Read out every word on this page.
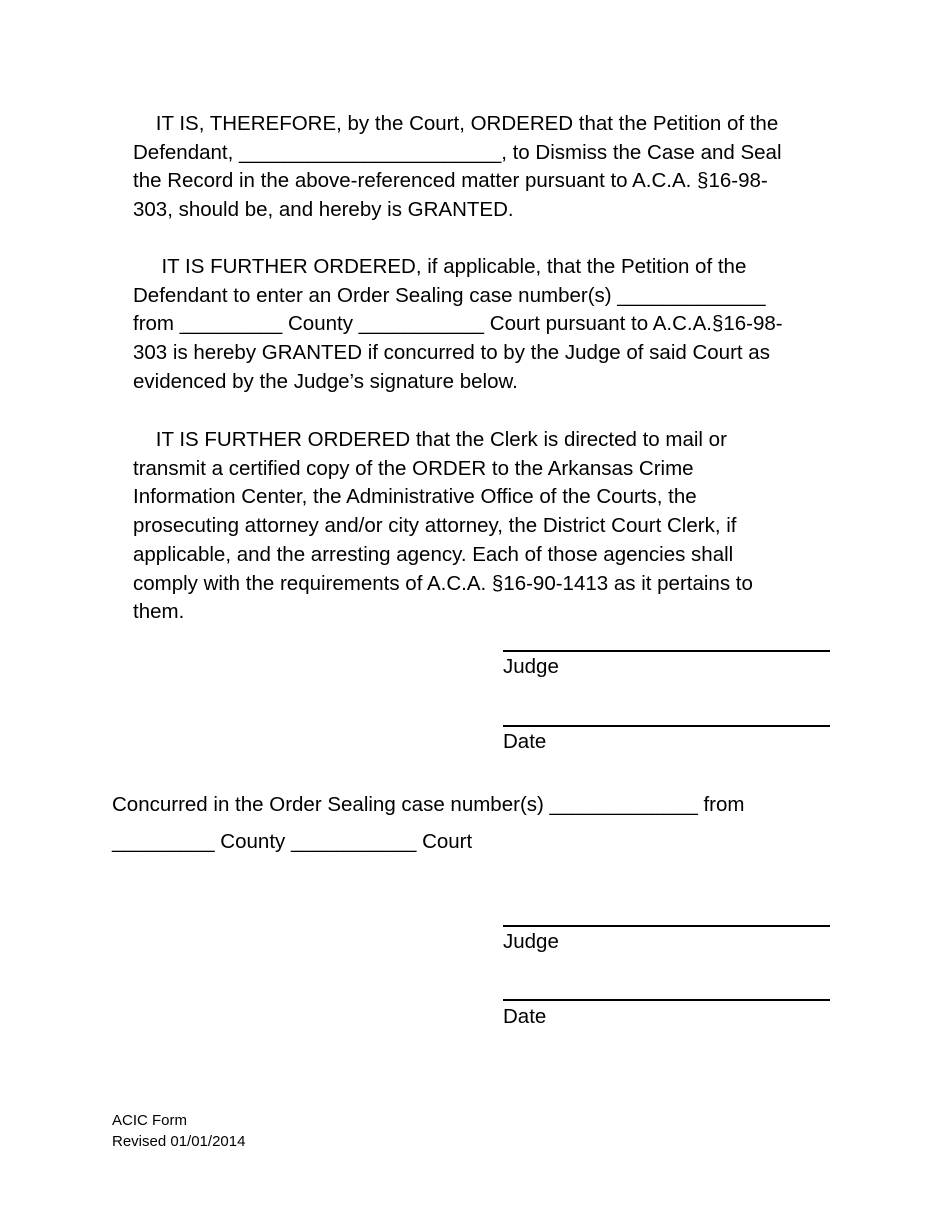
IT IS, THEREFORE, by the Court, ORDERED that the Petition of the
Defendant, _______________________, to Dismiss the Case and Seal
the Record in the above-referenced matter pursuant to A.C.A. §16-98-
303, should be, and hereby is GRANTED.
IT IS FURTHER ORDERED, if applicable, that the Petition of the
Defendant to enter an Order Sealing case number(s) _____________
from _________ County ___________ Court pursuant to A.C.A.§16-98-
303 is hereby GRANTED if concurred to by the Judge of said Court as
evidenced by the Judge’s signature below.
IT IS FURTHER ORDERED that the Clerk is directed to mail or
transmit a certified copy of the ORDER to the Arkansas Crime
Information Center, the Administrative Office of the Courts, the
prosecuting attorney and/or city attorney, the District Court Clerk, if
applicable, and the arresting agency. Each of those agencies shall
comply with the requirements of A.C.A. §16-90-1413 as it pertains to
them.
Judge
Date
Concurred in the Order Sealing case number(s) _____________ from
_________ County ___________ Court
Judge
Date
ACIC Form
Revised 01/01/2014
